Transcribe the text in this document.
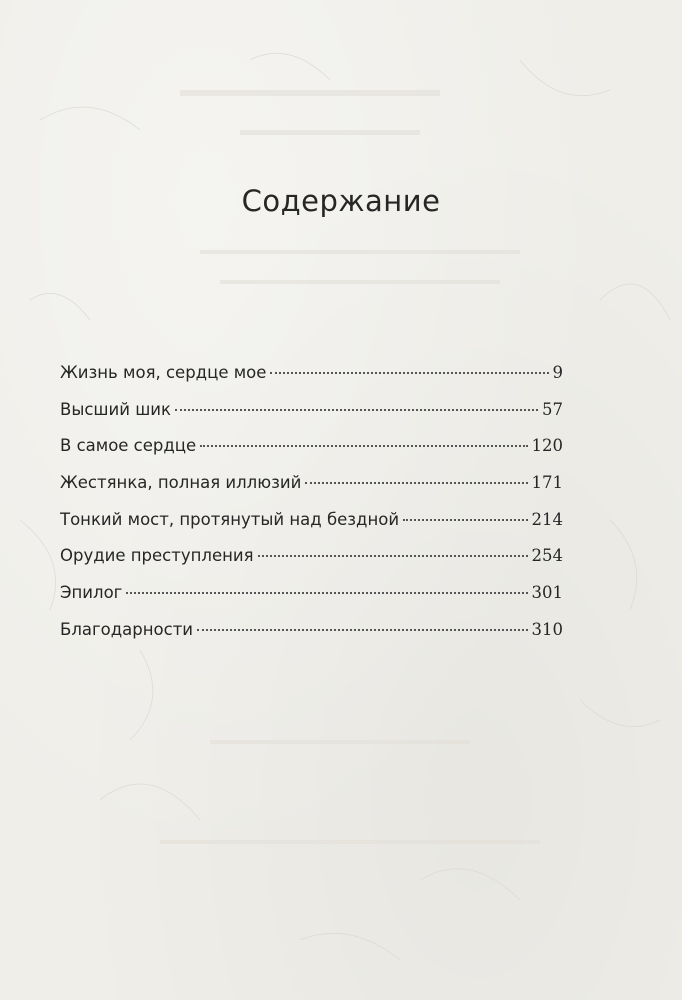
Содержание
Жизнь моя, сердце мое	9
Высший шик	57
В самое сердце	120
Жестянка, полная иллюзий	171
Тонкий мост, протянутый над бездной	214
Орудие преступления	254
Эпилог	301
Благодарности	310
